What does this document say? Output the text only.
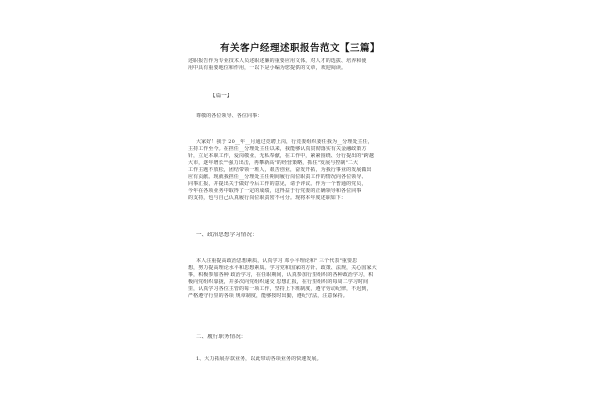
有关客户经理述职报告范文【三篇】
述职报告作为专业技术人员述职述廉的重要应用文体，对人才的选拔、培养和使
用中具有重要地位和作用，一以下是小编为您提供的文章，欢迎阅读。
【篇一】
尊敬的各位领导、各位同事：
大家好！我于 20__年__月通过竞聘上岗，行竞委组织委任我为__分理处主任，
主持工作至今。在担任__分理处主任以来，我能够认真贯彻落实有关金融政策方
针，立足本职工作，爱岗敬业，无私奉献，在工作中，紧紧围绕、分行提出的"跨越
大市，逐年增长""强力出击，再攀新高"的经营策略，抓住"发展与控制"二大
工作主题不放松，团结带领一班人，艰苦创业，奋发开拓，为我行事业的发展做出
应有贡献。现就我担任__分理处主任期间履行岗位职责工作的情况向各位领导、
同事汇报，并提出关于做好今后工作的意见，请予评议。作为一个普通的党员，
今年在各项业务中取得了一定的成绩，这得益于行党委的正确领导和各位同事
的支持，也与自己认真履行岗位职责密不可分。现将本年度述职如下：
一、政治思想学习情况：
本人注重提高政治思想素质，认真学习 邓小平理论和" 三个代表"重要思
想，努力提高理论水平和思想素质。学习党和国家的方针、政策、法规，关心国家大
事，积极参加各种 政治学习，在任职期间，认真参加行里组织的各种政治学习，积
极向党组织靠拢，并多次向党组织递交 思想汇报，在行里组织的每周二学习时间
里，认真学习各位主管的每一项工作，坚持上下班制度，遵守劳动纪律，不迟到，
严格遵守行里的各项 规章制度，能够按时出勤，遵纪守法，注意保持。
二、履行职务情况：
1、大力拓展存款业务，以此带动各项业务的快速发展。
